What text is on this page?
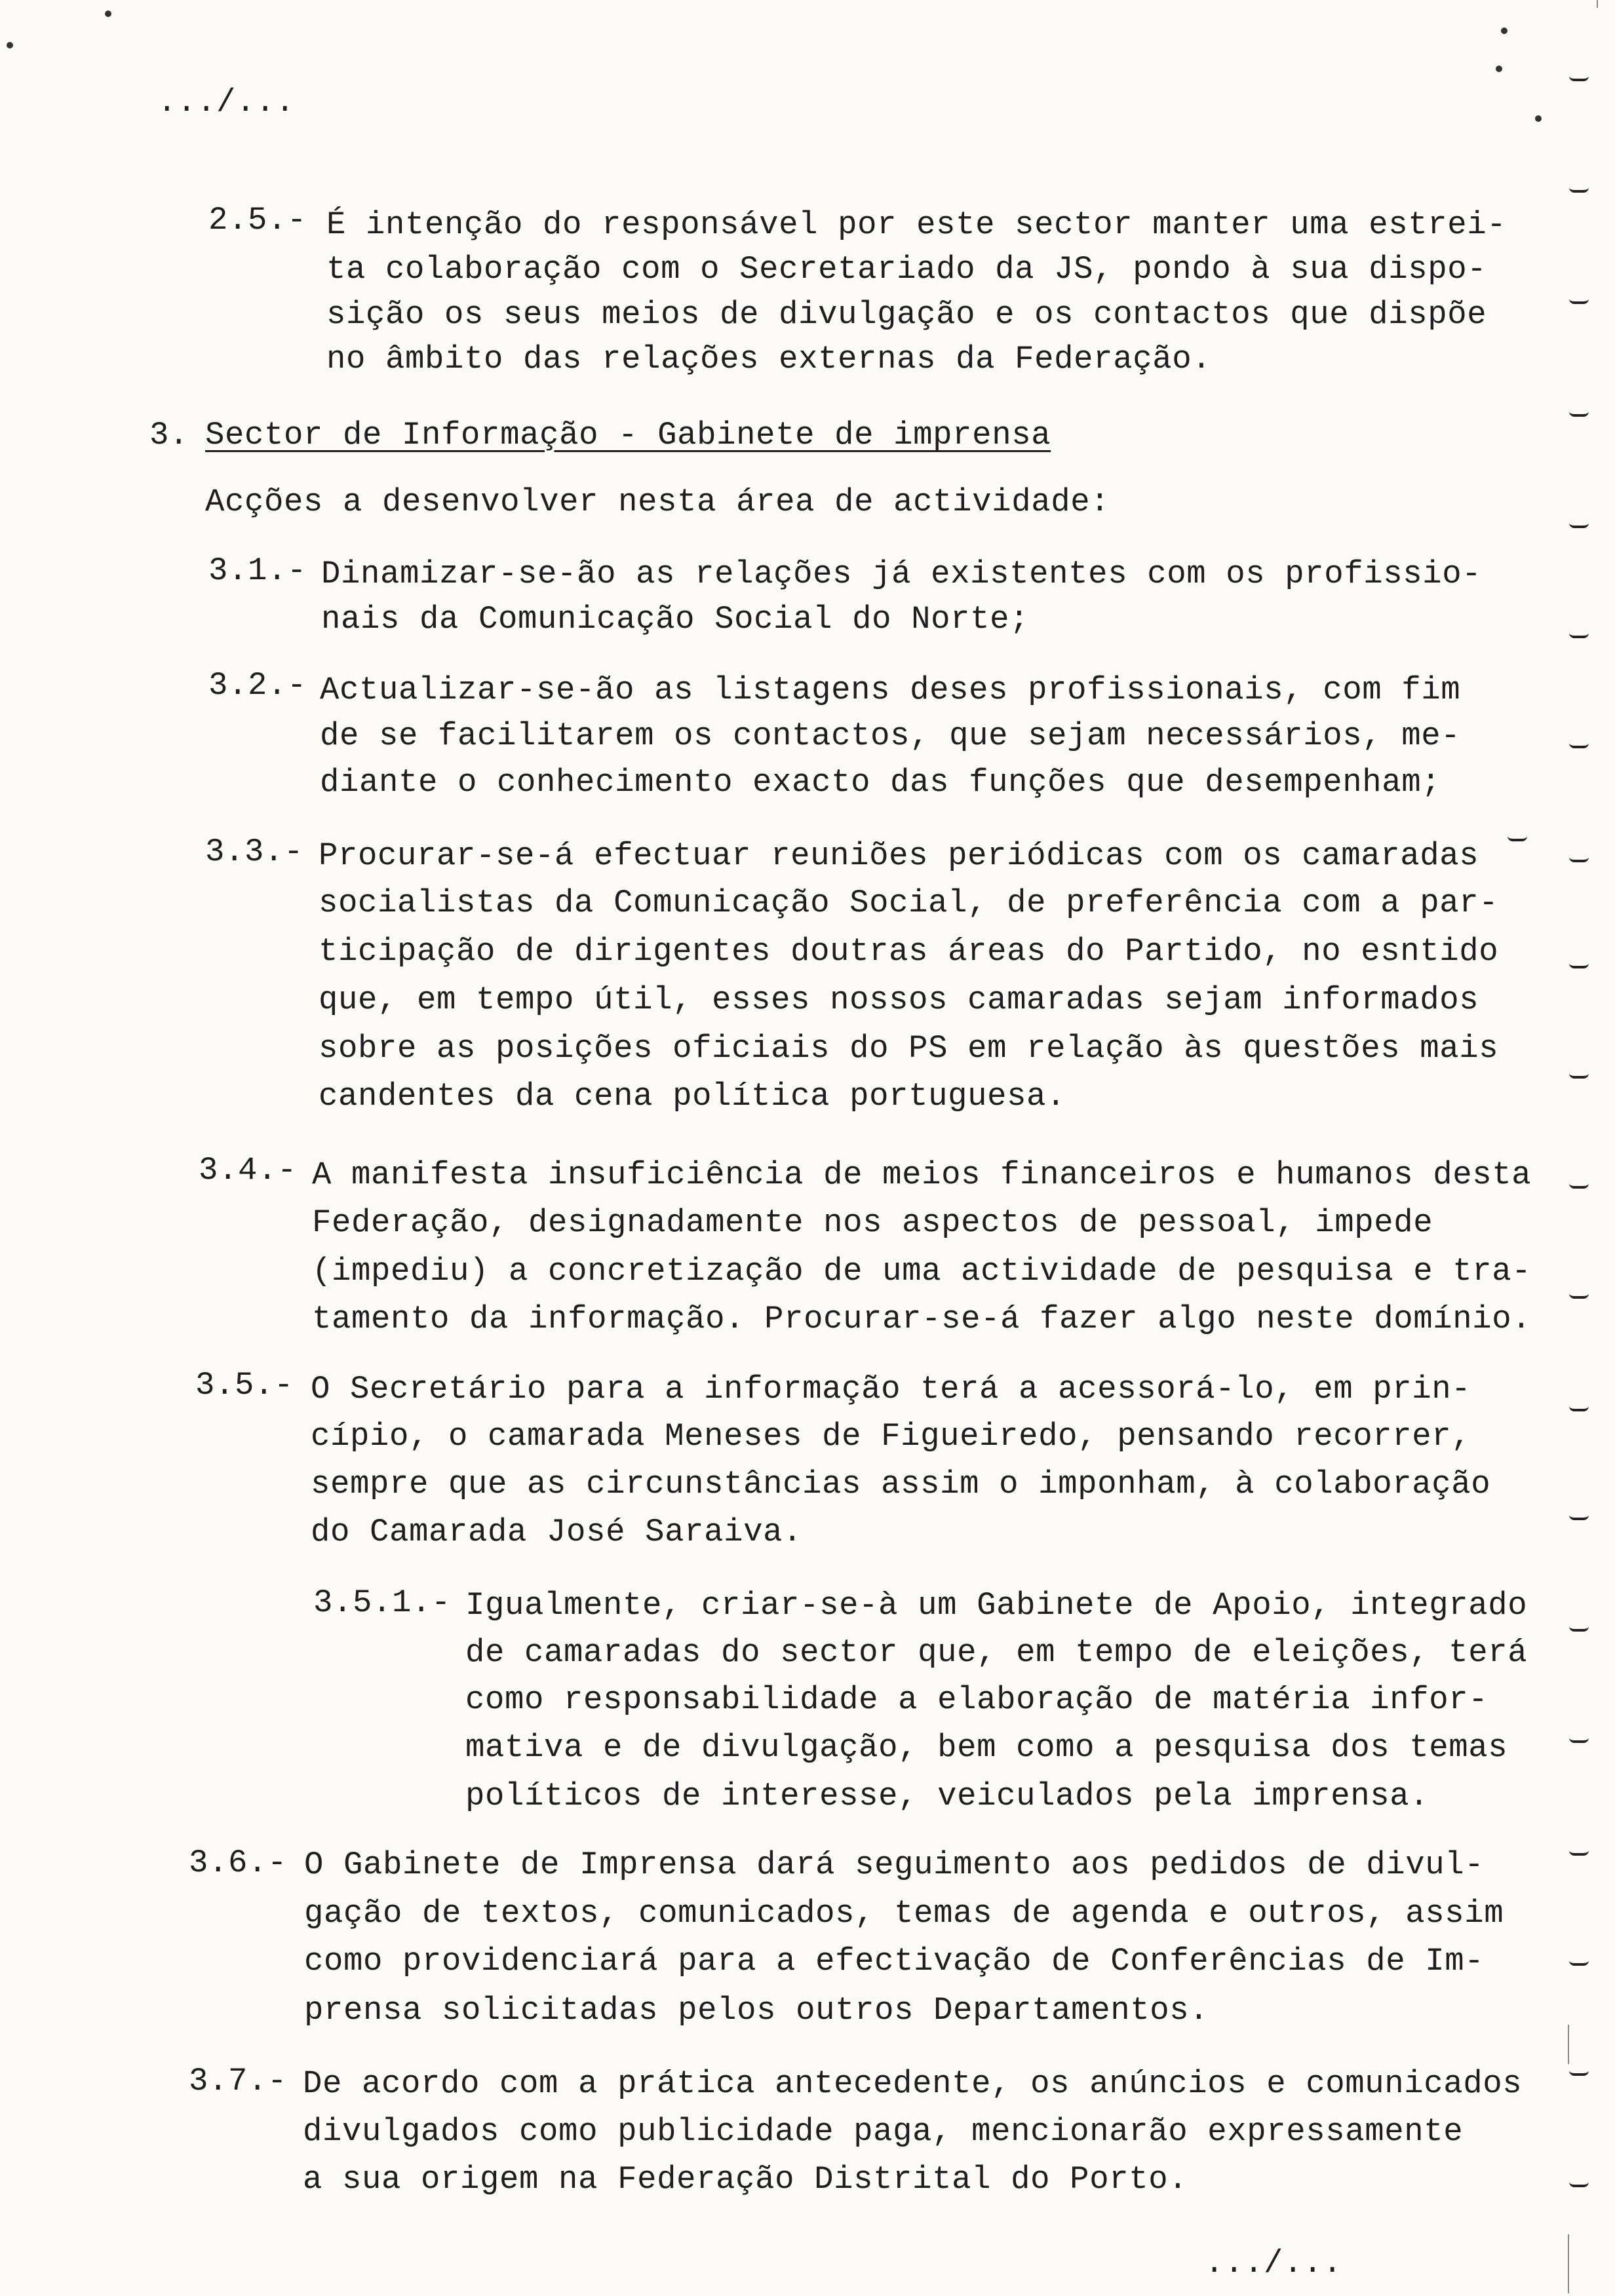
.../...
2.5.- É intenção do responsável por este sector manter uma estrei-
ta colaboração com o Secretariado da JS, pondo à sua dispo-
sição os seus meios de divulgação e os contactos que dispõe
no âmbito das relações externas da Federação.
3. Sector de Informação - Gabinete de imprensa
Acções a desenvolver nesta área de actividade:
3.1.- Dinamizar-se-ão as relações já existentes com os profissio-
nais da Comunicação Social do Norte;
3.2.- Actualizar-se-ão as listagens deses profissionais, com fim
de se facilitarem os contactos, que sejam necessários, me-
diante o conhecimento exacto das funções que desempenham;
3.3.- Procurar-se-á efectuar reuniões periódicas com os camaradas
socialistas da Comunicação Social, de preferência com a par-
ticipação de dirigentes doutras áreas do Partido, no esntido
que, em tempo útil, esses nossos camaradas sejam informados
sobre as posições oficiais do PS em relação às questões mais
candentes da cena política portuguesa.
3.4.- A manifesta insuficiência de meios financeiros e humanos desta
Federação, designadamente nos aspectos de pessoal, impede
(impediu) a concretização de uma actividade de pesquisa e tra-
tamento da informação. Procurar-se-á fazer algo neste domínio.
3.5.- O Secretário para a informação terá a acessorá-lo, em prin-
cípio, o camarada Meneses de Figueiredo, pensando recorrer,
sempre que as circunstâncias assim o imponham, à colaboração
do Camarada José Saraiva.
3.5.1.- Igualmente, criar-se-à um Gabinete de Apoio, integrado
de camaradas do sector que, em tempo de eleições, terá
como responsabilidade a elaboração de matéria infor-
mativa e de divulgação, bem como a pesquisa dos temas
políticos de interesse, veiculados pela imprensa.
3.6.- O Gabinete de Imprensa dará seguimento aos pedidos de divul-
gação de textos, comunicados, temas de agenda e outros, assim
como providenciará para a efectivação de Conferências de Im-
prensa solicitadas pelos outros Departamentos.
3.7.- De acordo com a prática antecedente, os anúncios e comunicados
divulgados como publicidade paga, mencionarão expressamente
a sua origem na Federação Distrital do Porto.
.../...
